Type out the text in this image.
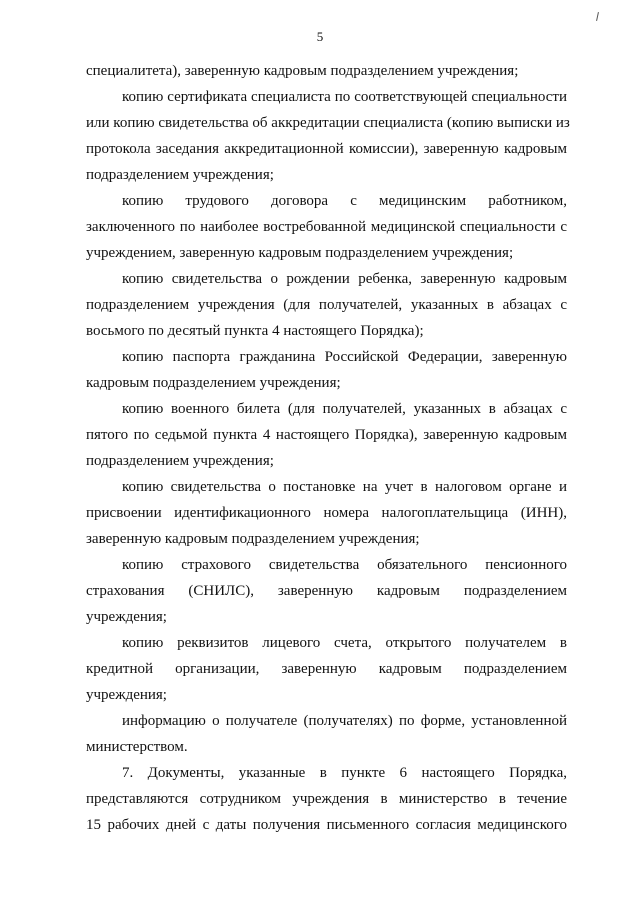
5
специалитета), заверенную кадровым подразделением учреждения;
копию сертификата специалиста по соответствующей специальности
или копию свидетельства об аккредитации специалиста (копию выписки из
протокола заседания аккредитационной комиссии), заверенную кадровым
подразделением учреждения;
копию трудового договора с медицинским работником,
заключенного по наиболее востребованной медицинской специальности с
учреждением, заверенную кадровым подразделением учреждения;
копию свидетельства о рождении ребенка, заверенную кадровым
подразделением учреждения (для получателей, указанных в абзацах с
восьмого по десятый пункта 4 настоящего Порядка);
копию паспорта гражданина Российской Федерации, заверенную
кадровым подразделением учреждения;
копию военного билета (для получателей, указанных в абзацах с
пятого по седьмой пункта 4 настоящего Порядка), заверенную кадровым
подразделением учреждения;
копию свидетельства о постановке на учет в налоговом органе и
присвоении идентификационного номера налогоплательщица (ИНН),
заверенную кадровым подразделением учреждения;
копию страхового свидетельства обязательного пенсионного
страхования (СНИЛС), заверенную кадровым подразделением
учреждения;
копию реквизитов лицевого счета, открытого получателем в
кредитной организации, заверенную кадровым подразделением
учреждения;
информацию о получателе (получателях) по форме, установленной
министерством.
7. Документы, указанные в пункте 6 настоящего Порядка,
представляются сотрудником учреждения в министерство в течение
15 рабочих дней с даты получения письменного согласия медицинского
